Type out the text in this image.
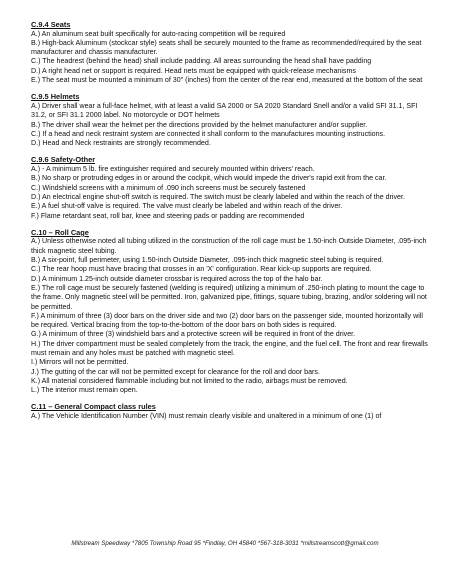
C.9.4 Seats

A.) An aluminum seat built specifically for auto-racing competition will be required

B.) High-back Aluminum (stockcar style) seats shall be securely mounted to the frame as recommended/required by the seat manufacturer and chassis manufacturer.

C.) The headrest (behind the head) shall include padding. All areas surrounding the head shall have padding

D.) A right head net or support is required. Head nets must be equipped with quick-release mechanisms

E.) The seat must be mounted a minimum of 30" (inches) from the center of the rear end, measured at the bottom of the seat

C.9.5 Helmets

A.) Driver shall wear a full-face helmet, with at least a valid SA 2000 or SA 2020 Standard Snell and/or a valid SFI 31.1, SFI 31.2, or SFI 31.1 2000 label. No motorcycle or DOT helmets

B.) The driver shall wear the helmet per the directions provided by the helmet manufacturer and/or supplier.

C.) If a head and neck restraint system are connected it shall conform to the manufactures mounting instructions.

D.) Head and Neck restraints are strongly recommended.

C.9.6 Safety-Other

A.) - A minimum 5 lb. fire extinguisher required and securely mounted within drivers' reach.

B.) No sharp or protruding edges in or around the cockpit, which would impede the driver's rapid exit from the car.

C.) Windshield screens with a minimum of .090 inch screens must be securely fastened

D.) An electrical engine shut-off switch is required. The switch must be clearly labeled and within the reach of the driver.

E.) A fuel shut-off valve is required. The valve must clearly be labeled and within reach of the driver.

F.) Flame retardant seat, roll bar, knee and steering pads or padding are recommended

C.10 – Roll Cage

A.) Unless otherwise noted all tubing utilized in the construction of the roll cage must be 1.50-inch Outside Diameter, .095-inch thick magnetic steel tubing.

B.) A six-point, full perimeter, using 1.50-inch Outside Diameter, .095-inch thick magnetic steel tubing is required.

C.) The rear hoop must have bracing that crosses in an 'X' configuration. Rear kick-up supports are required.

D.) A minimum 1.25-inch outside diameter crossbar is required across the top of the halo bar.

E.) The roll cage must be securely fastened (welding is required) utilizing a minimum of .250-inch plating to mount the cage to the frame. Only magnetic steel will be permitted. Iron, galvanized pipe, fittings, square tubing, brazing, and/or soldering will not be permitted.

F.) A minimum of three (3) door bars on the driver side and two (2) door bars on the passenger side, mounted horizontally will be required. Vertical bracing from the top-to-the-bottom of the door bars on both sides is required.

G.) A minimum of three (3) windshield bars and a protective screen will be required in front of the driver.

H.) The driver compartment must be sealed completely from the track, the engine, and the fuel cell. The front and rear firewalls must remain and any holes must be patched with magnetic steel.

I.) Mirrors will not be permitted.

J.) The gutting of the car will not be permitted except for clearance for the roll and door bars.

K.) All material considered flammable including but not limited to the radio, airbags must be removed.

L.) The interior must remain open.

C.11 – General Compact class rules

A.) The Vehicle Identification Number (VIN) must remain clearly visible and unaltered in a minimum of one (1) of

Millstream Speedway *7805 Township Road 95 *Findlay, OH 45840 *567-318-3031 *millstreamscott@gmail.com
